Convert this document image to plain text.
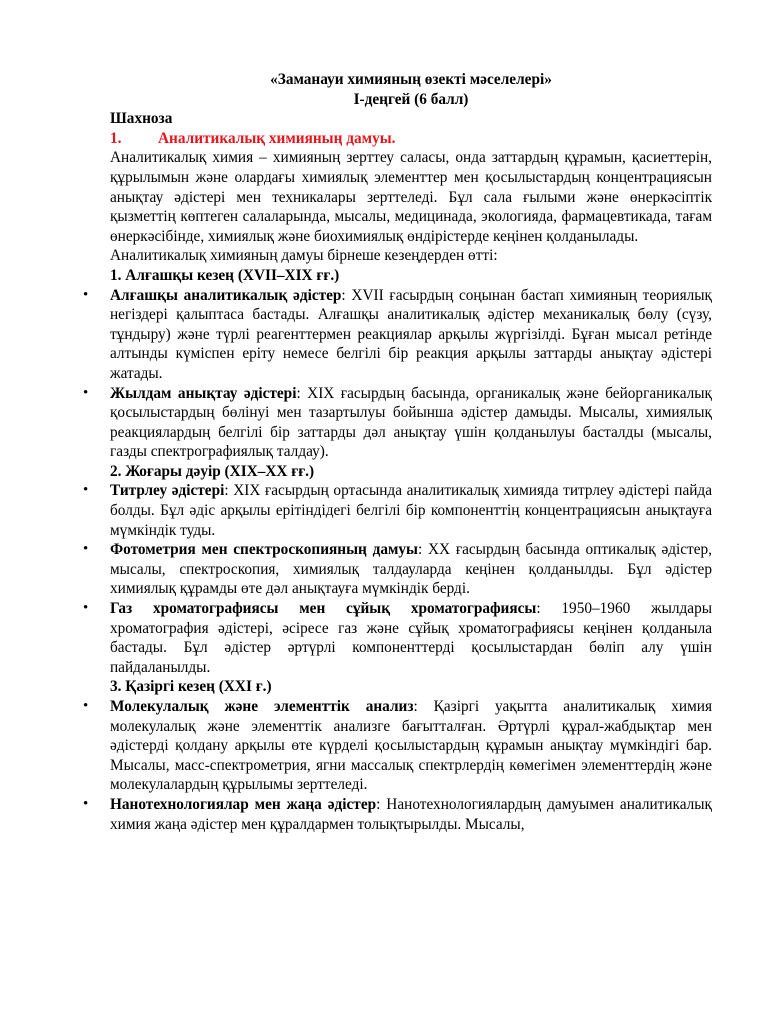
«Заманауи химияның өзекті мәселелері»

I-деңгей (6 балл)

Шахноза

1. Аналитикалық химияның дамуы.

Аналитикалық химия – химияның зерттеу саласы, онда заттардың құрамын, қасиеттерін, құрылымын және олардағы химиялық элементтер мен қосылыстардың концентрациясын анықтау әдістері мен техникалары зерттеледі. Бұл сала ғылыми және өнеркәсіптік қызметтің көптеген салаларында, мысалы, медицинада, экологияда, фармацевтикада, тағам өнеркәсібінде, химиялық және биохимиялық өндірістерде кеңінен қолданылады.

Аналитикалық химияның дамуы бірнеше кезеңдерден өтті:

1. Алғашқы кезең (XVII–XIX ғғ.)

• Алғашқы аналитикалық әдістер: XVII ғасырдың соңынан бастап химияның теориялық негіздері қалыптаса бастады. Алғашқы аналитикалық әдістер механикалық бөлу (сүзу, тұндыру) және түрлі реагенттермен реакциялар арқылы жүргізілді. Бұған мысал ретінде алтынды күміспен еріту немесе белгілі бір реакция арқылы заттарды анықтау әдістері жатады.

• Жылдам анықтау әдістері: XIX ғасырдың басында, органикалық және бейорганикалық қосылыстардың бөлінуі мен тазартылуы бойынша әдістер дамыды. Мысалы, химиялық реакциялардың белгілі бір заттарды дәл анықтау үшін қолданылуы басталды (мысалы, газды спектрографиялық талдау).

2. Жоғары дәуір (XIX–XX ғғ.)

• Титрлеу әдістері: XIX ғасырдың ортасында аналитикалық химияда титрлеу әдістері пайда болды. Бұл әдіс арқылы ерітіндідегі белгілі бір компоненттің концентрациясын анықтауға мүмкіндік туды.

• Фотометрия мен спектроскопияның дамуы: XX ғасырдың басында оптикалық әдістер, мысалы, спектроскопия, химиялық талдауларда кеңінен қолданылды. Бұл әдістер химиялық құрамды өте дәл анықтауға мүмкіндік берді.

• Газ хроматографиясы мен сұйық хроматографиясы: 1950–1960 жылдары хроматография әдістері, әсіресе газ және сұйық хроматографиясы кеңінен қолданыла бастады. Бұл әдістер әртүрлі компоненттерді қосылыстардан бөліп алу үшін пайдаланылды.

3. Қазіргі кезең (XXI ғ.)

• Молекулалық және элементтік анализ: Қазіргі уақытта аналитикалық химия молекулалық және элементтік анализге бағытталған. Әртүрлі құрал-жабдықтар мен әдістерді қолдану арқылы өте күрделі қосылыстардың құрамын анықтау мүмкіндігі бар. Мысалы, масс-спектрометрия, ягни массалық спектрлердің көмегімен элементтердің және молекулалардың құрылымы зерттеледі.

• Нанотехнологиялар мен жаңа әдістер: Нанотехнологиялардың дамуымен аналитикалық химия жаңа әдістер мен құралдармен толықтырылды. Мысалы,
